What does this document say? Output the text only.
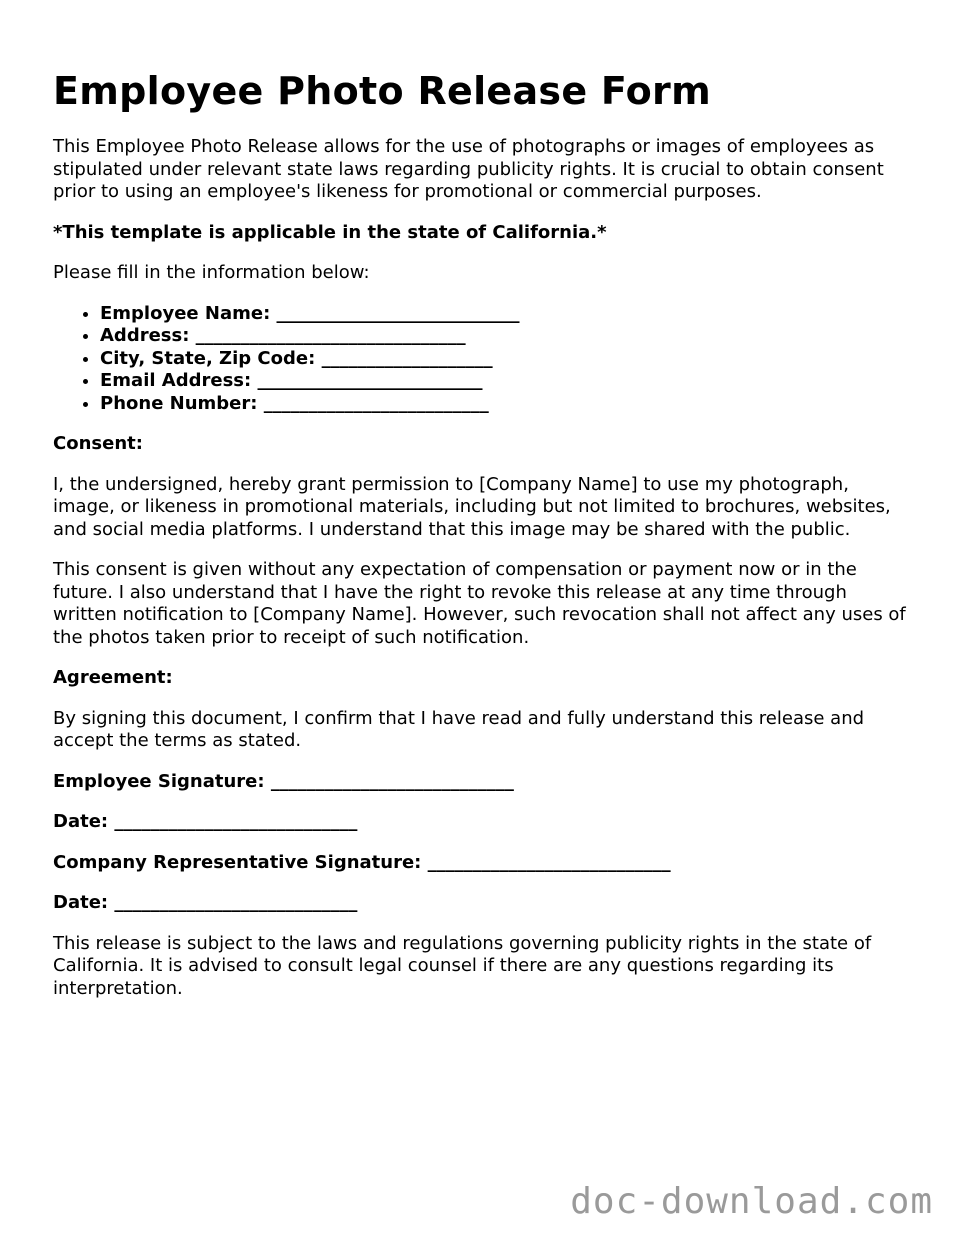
Employee Photo Release Form

This Employee Photo Release allows for the use of photographs or images of employees as stipulated under relevant state laws regarding publicity rights. It is crucial to obtain consent prior to using an employee's likeness for promotional or commercial purposes.

*This template is applicable in the state of California.*

Please fill in the information below:

• Employee Name: ___________________________
• Address: ______________________________
• City, State, Zip Code: ___________________
• Email Address: _________________________
• Phone Number: _________________________

Consent:

I, the undersigned, hereby grant permission to [Company Name] to use my photograph, image, or likeness in promotional materials, including but not limited to brochures, websites, and social media platforms. I understand that this image may be shared with the public.

This consent is given without any expectation of compensation or payment now or in the future. I also understand that I have the right to revoke this release at any time through written notification to [Company Name]. However, such revocation shall not affect any uses of the photos taken prior to receipt of such notification.

Agreement:

By signing this document, I confirm that I have read and fully understand this release and accept the terms as stated.

Employee Signature: ___________________________

Date: ___________________________

Company Representative Signature: ___________________________

Date: ___________________________

This release is subject to the laws and regulations governing publicity rights in the state of California. It is advised to consult legal counsel if there are any questions regarding its interpretation.

doc-download.com
